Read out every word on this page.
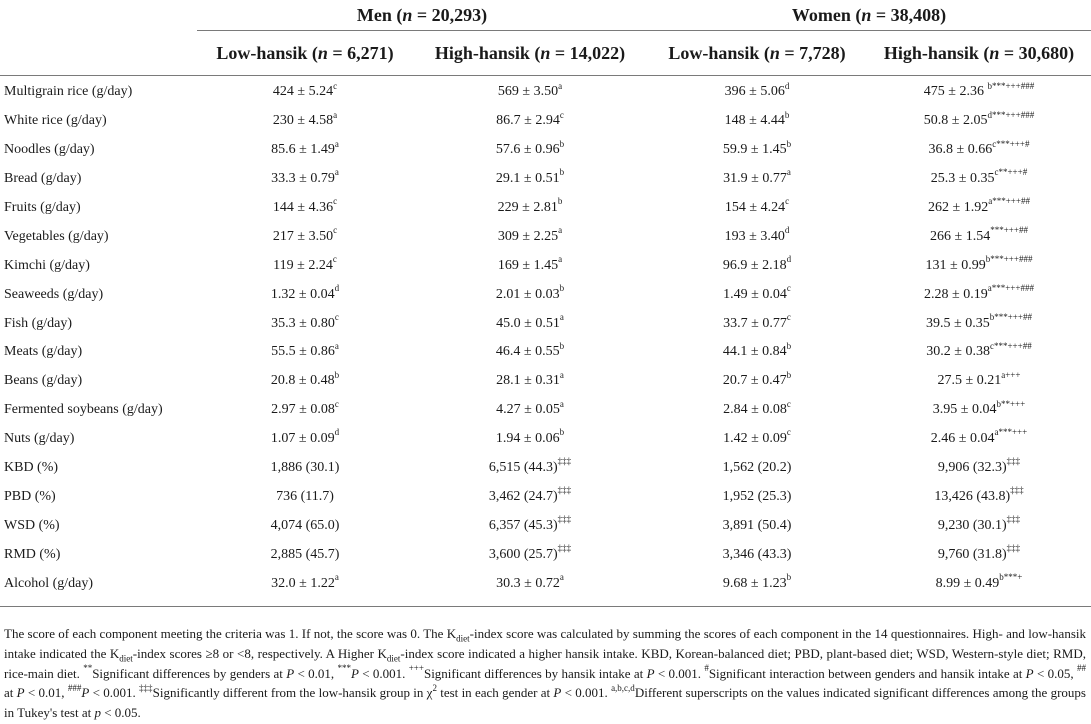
	Men (n = 20,293)		Women (n = 38,408)	
	Low-hansik (n = 6,271)	High-hansik (n = 14,022)	Low-hansik (n = 7,728)	High-hansik (n = 30,680)
Multigrain rice (g/day)	424 ± 5.24$^c$	569 ± 3.50$^a$	396 ± 5.06$^d$	475 ± 2.36 $^{b***+++\#\#\#}$
White rice (g/day)	230 ± 4.58$^a$	86.7 ± 2.94$^c$	148 ± 4.44$^b$	$50.8 \pm 2.05^{d***+++\#\#\#}$
Noodles (g/day)	85.6 ± 1.49$^a$	57.6 ± 0.96$^b$	59.9 ± 1.45$^b$	$36.8 \pm 0.66^{c***+++\#}$
Bread (g/day)	33.3 ± 0.79$^a$	29.1 ± 0.51$^b$	31.9 ± 0.77$^a$	$25.3 \pm 0.35^{c**+++\#}$
Fruits (g/day)	144 ± 4.36$^c$	229 ± 2.81$^b$	154 ± 4.24$^c$	$262 \pm 1.92^{a***+++\#\#}$
Vegetables (g/day)	217 ± 3.50$^c$	309 ± 2.25$^a$	193 ± 3.40$^d$	266 ± 1.54***+++##
Kimchi (g/day)	119 ± 2.24$^c$	169 ± 1.45$^a$	96.9 ± 2.18$^d$	$131 \pm 0.99^{b***+++\#\#\#}$
Seaweeds (g/day)	1.32 ± 0.04$^d$	2.01 ± 0.03$^b$	1.49 ± 0.04$^c$	$2.28 \pm 0.19^{a***+++\#\#\#}$
Fish (g/day)	35.3 ± 0.80$^c$	45.0 ± 0.51$^a$	33.7 ± 0.77$^c$	$39.5 \pm 0.35^{b***+++\#\#}$
Meats (g/day)	55.5 ± 0.86$^a$	46.4 ± 0.55$^b$	44.1 ± 0.84$^b$	$30.2 \pm 0.38^{c***+++\#\#}$
Beans (g/day)	20.8 ± 0.48$^b$	28.1 ± 0.31$^a$	20.7 ± 0.47$^b$	$27.5 \pm 0.21^{a+++}$
Fermented soybeans (g/day)	2.97 ± 0.08$^c$	4.27 ± 0.05$^a$	2.84 ± 0.08$^c$	$3.95 \pm 0.04^{b**+++}$
Nuts (g/day)	1.07 ± 0.09$^d$	1.94 ± 0.06$^b$	1.42 ± 0.09$^c$	$2.46 \pm 0.04^{a***+++}$
KBD (%)	1,886 (30.1)	6,515 (44.3)‡‡‡	1,562 (20.2)	9,906 (32.3)‡‡‡
PBD (%)	736 (11.7)	3,462 (24.7)‡‡‡	1,952 (25.3)	13,426 (43.8)‡‡‡
WSD (%)	4,074 (65.0)	6,357 (45.3)‡‡‡	3,891 (50.4)	9,230 (30.1)‡‡‡
RMD (%)	2,885 (45.7)	3,600 (25.7)‡‡‡	3,346 (43.3)	9,760 (31.8)‡‡‡
Alcohol (g/day)	32.0 ± 1.22$^a$	30.3 ± 0.72$^a$	9.68 ± 1.23$^b$	$8.99 \pm 0.49^{b***+}$

The score of each component meeting the criteria was 1. If not, the score was 0. The $K_{diet}$-index score was calculated by summing the scores of each component in the 14 questionnaires. High- and low-hansik intake indicated the $K_{diet}$-index scores ≥8 or <8, respectively. A Higher $K_{diet}$-index score indicated a higher hansik intake. KBD, Korean-balanced diet; PBD, plant-based diet; WSD, Western-style diet; RMD, rice-main diet. **Significant differences by genders at P < 0.01, ***P < 0.001. +++Significant differences by hansik intake at P < 0.001. #Significant interaction between genders and hansik intake at P < 0.05, ## at P < 0.01, ###P < 0.001. ‡‡‡Significantly different from the low-hansik group in $\chi^2$ test in each gender at P < 0.001. $^{a,b,c,d}$Different superscripts on the values indicated significant differences among the groups in Tukey's test at p < 0.05.
